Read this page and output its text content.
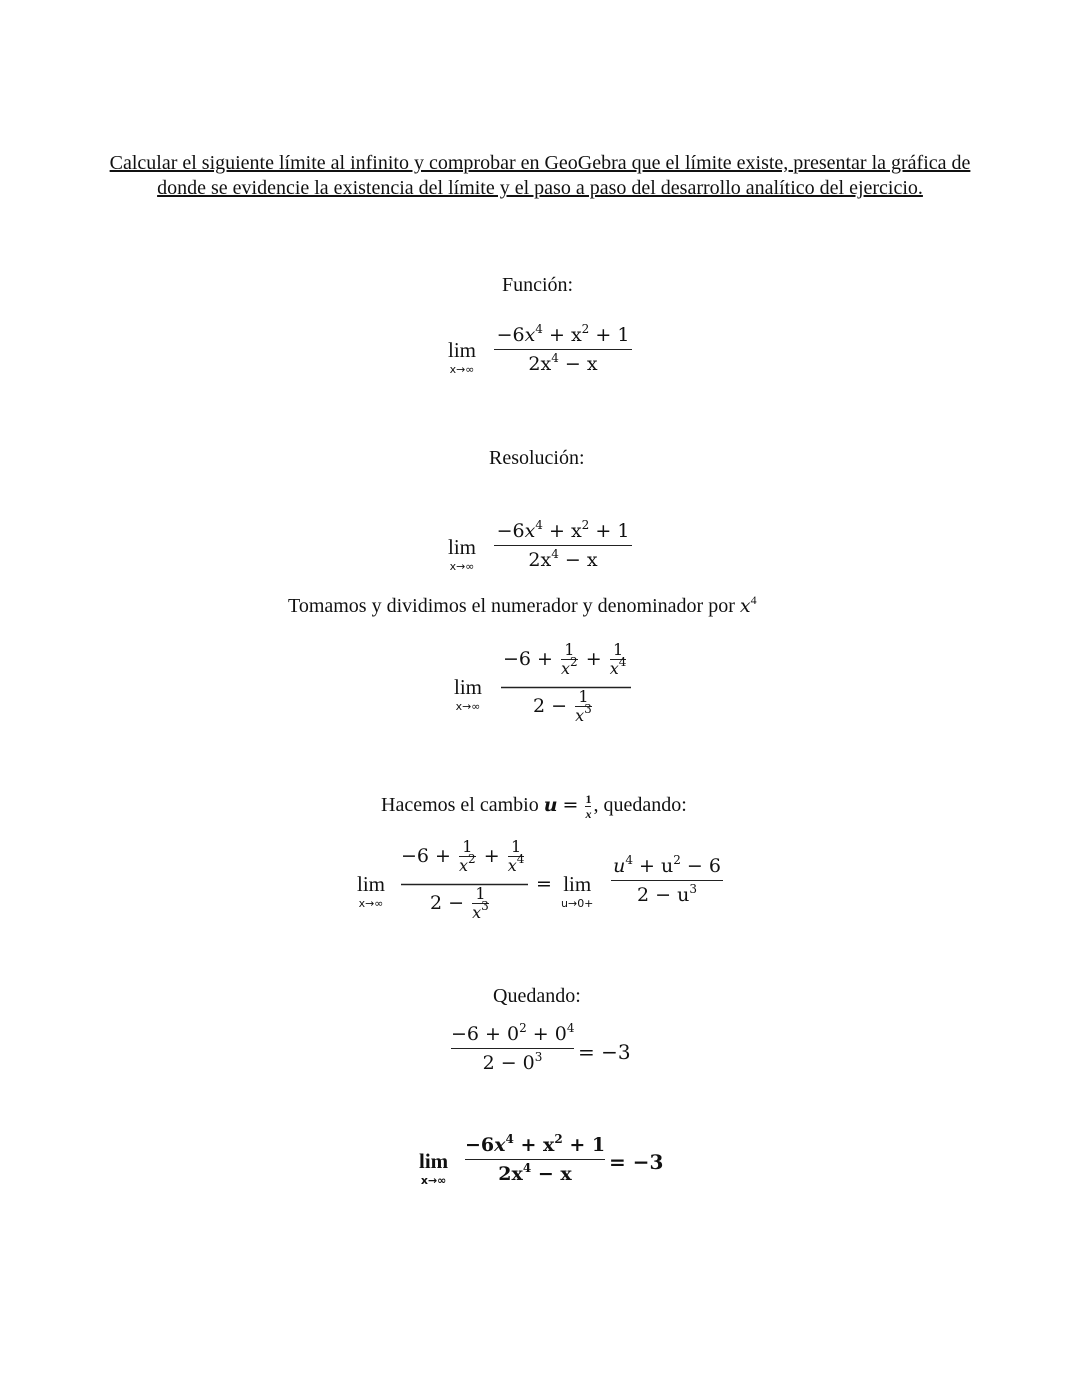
Calcular el siguiente límite al infinito y comprobar en GeoGebra que el límite existe, presentar la gráfica de donde se evidencie la existencia del límite y el paso a paso del desarrollo analítico del ejercicio.
Función:
lim
$x\to\infty \frac{-6x^4 + x^2 + 1}{2x^4 - x}$
Resolución:
lim
$x\to\infty \frac{-6x^4 + x^2 + 1}{2x^4 - x}$
Tomamos y dividimos el numerador y denominador por $x^4$
lim
x→∞
$-6 + \frac{1}{x^2} + \frac{1}{x^4}$
$2 - \frac{1}{x^3}$
Hacemos el cambio $u = \frac{1}{x}$ , quedando:
lim
x→∞
$-6 + \frac{1}{x^2} + \frac{1}{x^4}$
$2 - \frac{1}{x^3}$
= lim
$u\to 0+ \frac{u^4 + u^2 - 6}{2 - u^3}$
Quedando:
$\frac{-6 + 0^2 + 0^4}{2 - 0^3} = -3$
lim
$x\to\infty \frac{-6x^4 + x^2 + 1}{2x^4 - x} = -3$
